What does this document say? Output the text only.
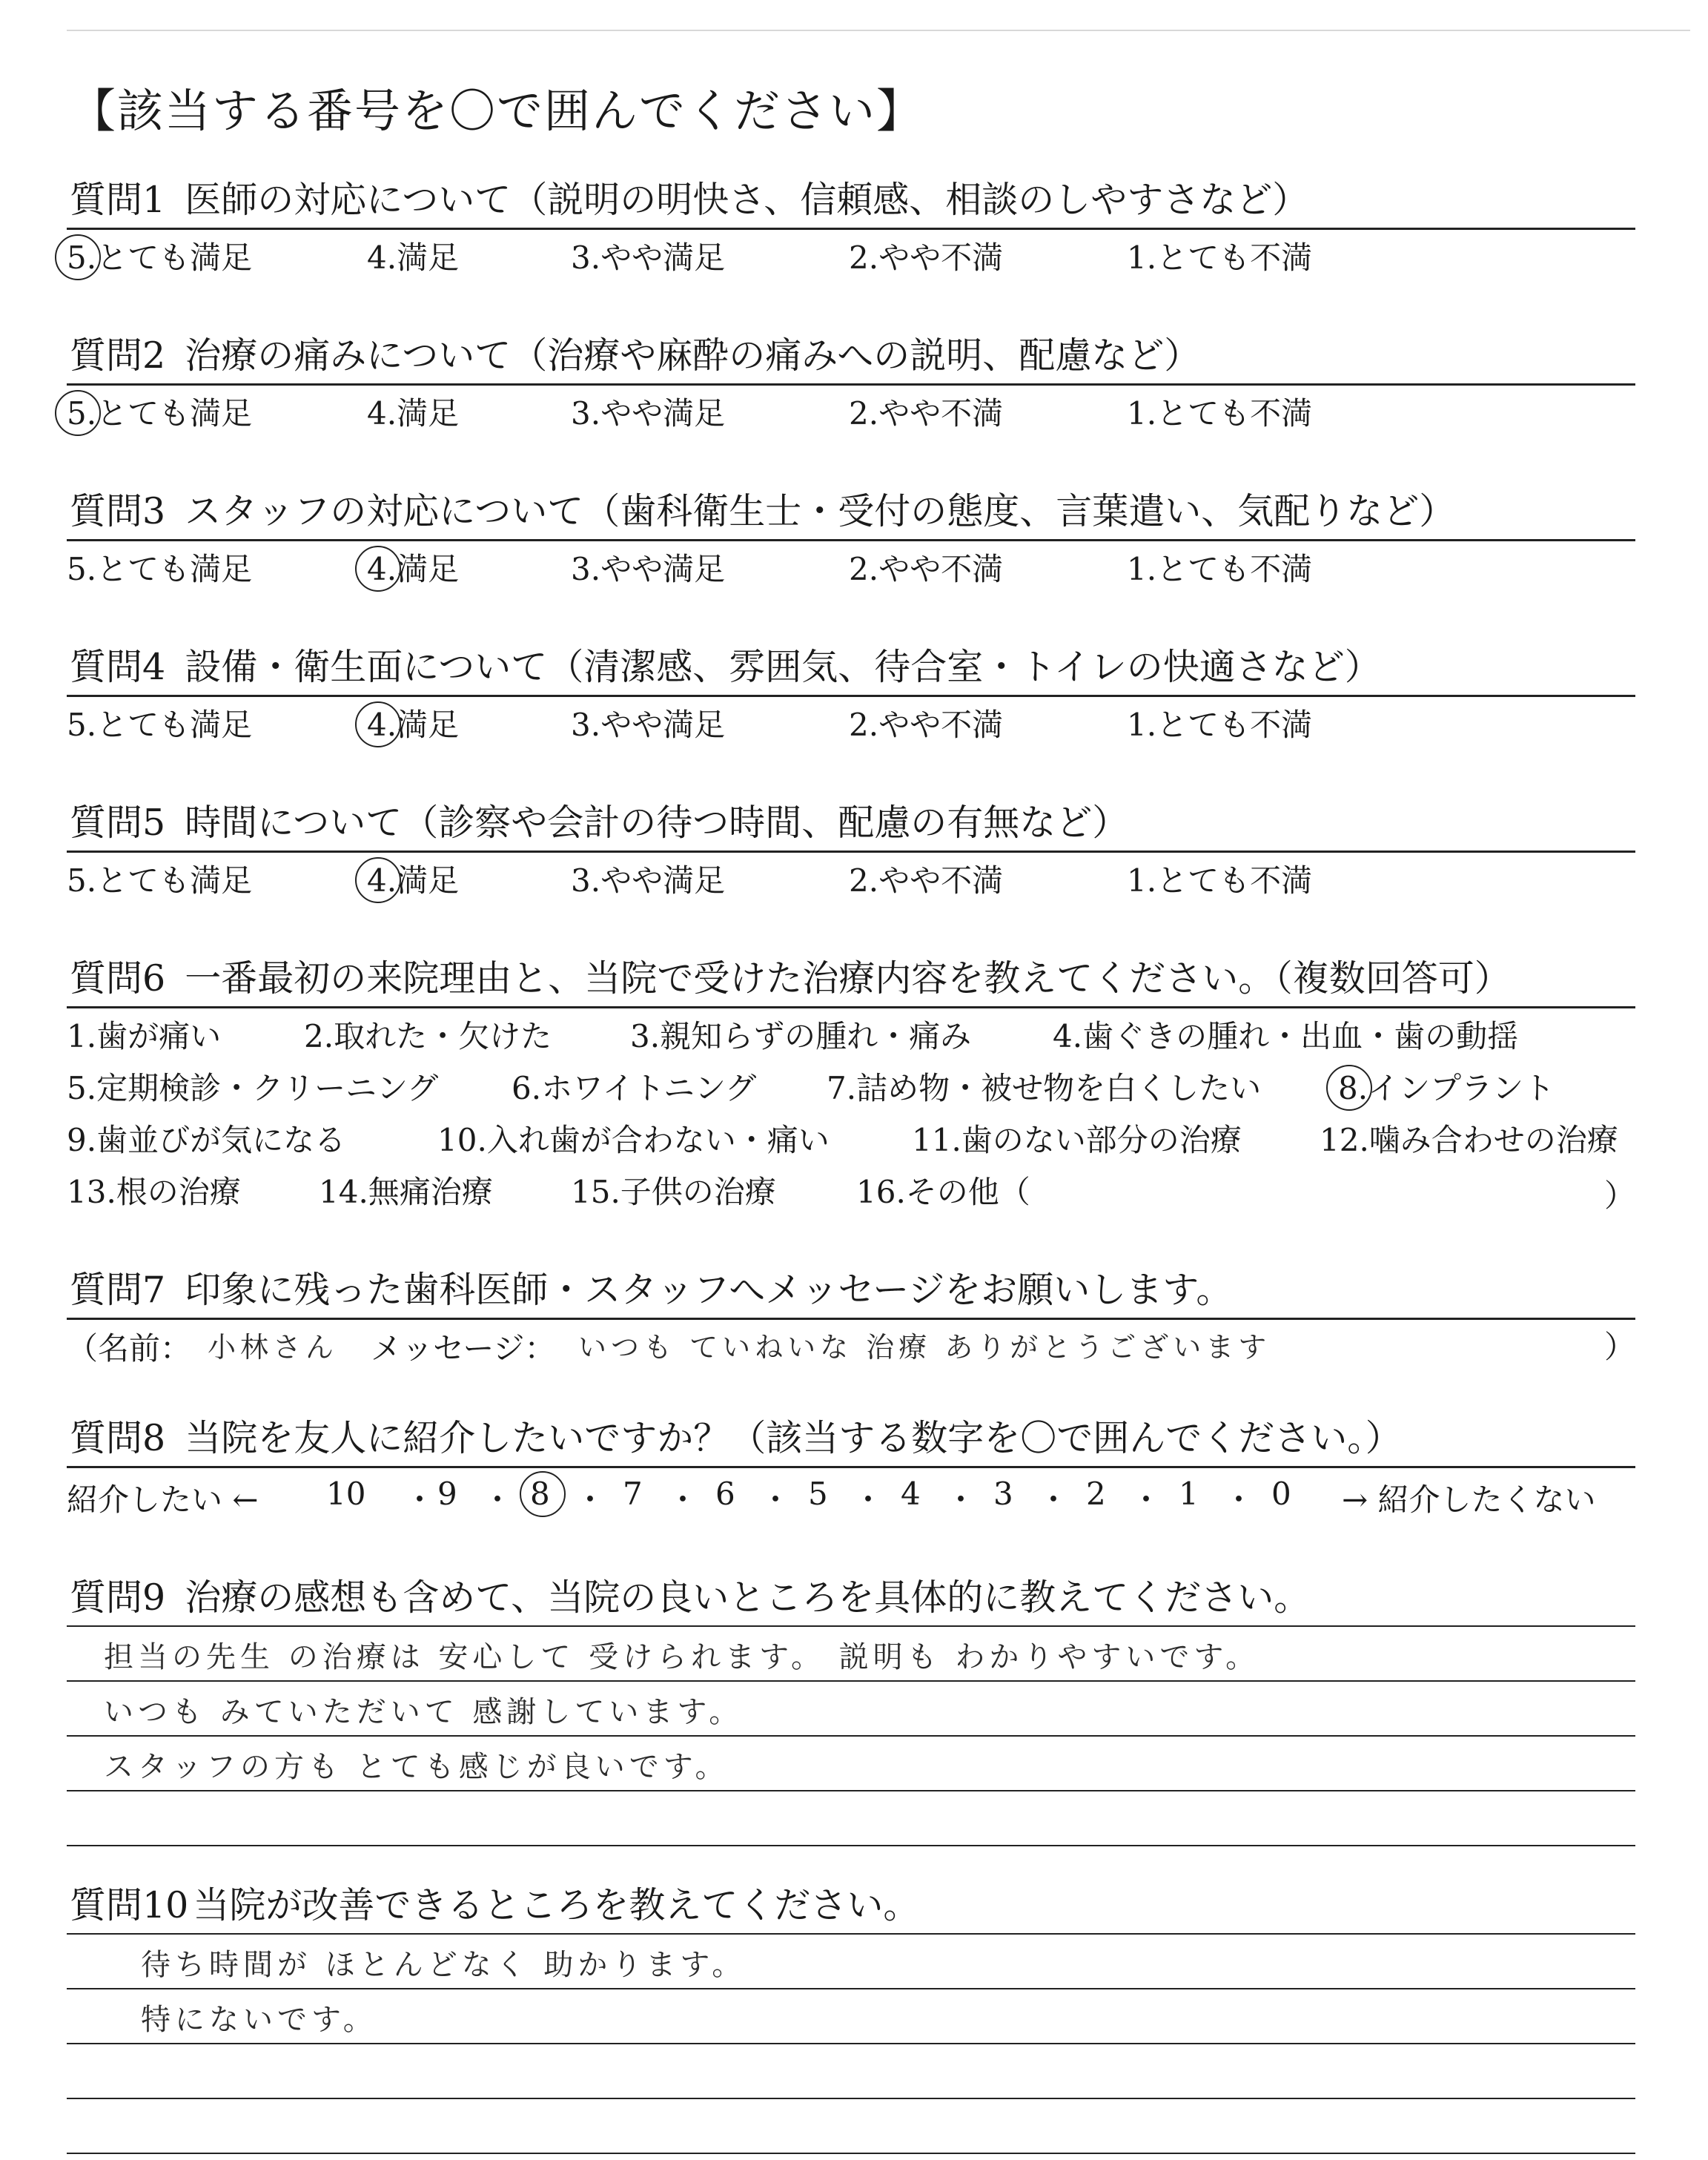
【該当する番号を〇で囲んでください】
質問1 医師の対応について（説明の明快さ、信頼感、相談のしやすさなど）
5.とても満足	4.満足	3.やや満足	2.やや不満	1.とても不満
質問2 治療の痛みについて（治療や麻酔の痛みへの説明、配慮など）
5.とても満足	4.満足	3.やや満足	2.やや不満	1.とても不満
質問3 スタッフの対応について（歯科衛生士・受付の態度、言葉遣い、気配りなど）
5.とても満足	4.満足	3.やや満足	2.やや不満	1.とても不満
質問4 設備・衛生面について（清潔感、雰囲気、待合室・トイレの快適さなど）
5.とても満足	4.満足	3.やや満足	2.やや不満	1.とても不満
質問5 時間について（診察や会計の待つ時間、配慮の有無など）
5.とても満足	4.満足	3.やや満足	2.やや不満	1.とても不満
質問6 一番最初の来院理由と、当院で受けた治療内容を教えてください。（複数回答可）
1.歯が痛い	2.取れた・欠けた	3.親知らずの腫れ・痛み	4.歯ぐきの腫れ・出血・歯の動揺
5.定期検診・クリーニング 6.ホワイトニング 7.詰め物・被せ物を白くしたい 8.インプラント
9.歯並びが気になる	10.入れ歯が合わない・痛い	11.歯のない部分の治療	12.噛み合わせの治療
13.根の治療	14.無痛治療	15.子供の治療	16.その他（	）
質問7 印象に残った歯科医師・スタッフへメッセージをお願いします。
（名前： 小林さん メッセージ： いつも ていねいな 治療 ありがとうございます	）
質問8 当院を友人に紹介したいですか？（該当する数字を〇で囲んでください。）
紹介したい ← 10 ・ 9 ・ 8 ・ 7 ・ 6 ・ 5 ・ 4 ・ 3 ・ 2 ・ 1 ・ 0 → 紹介したくない
質問9 治療の感想も含めて、当院の良いところを具体的に教えてください。
担当の先生 の治療は 安心して 受けられます。 説明も わかりやすいです。
いつも みていただいて 感謝しています。
スタッフの方も とても感じが良いです。
質問10 当院が改善できるところを教えてください。
待ち時間が ほとんどなく 助かります。
特にないです。
